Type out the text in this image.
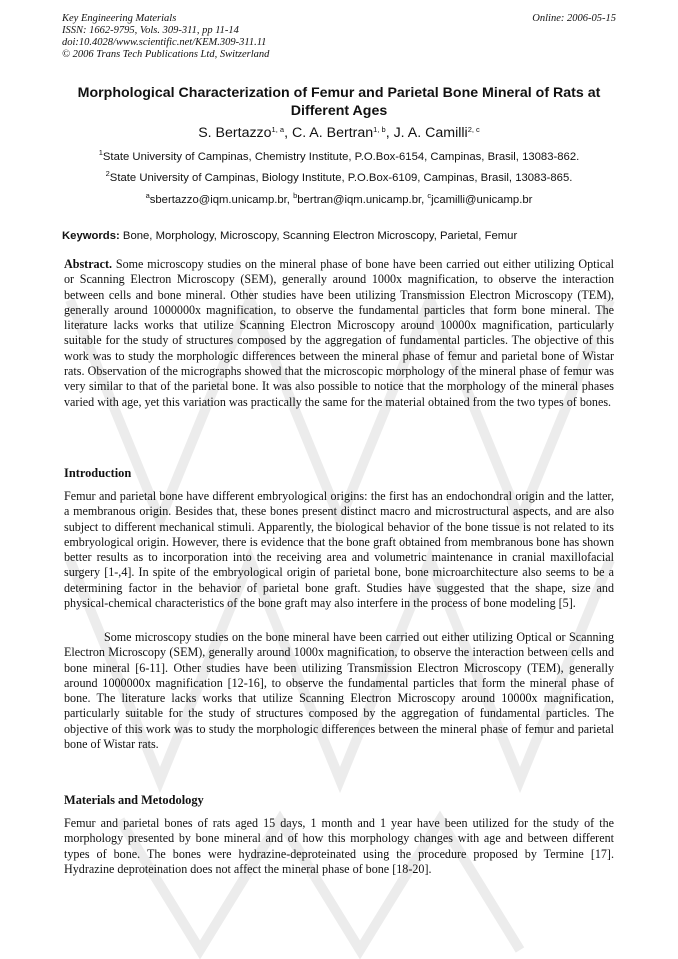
Key Engineering Materials
ISSN: 1662-9795, Vols. 309-311, pp 11-14
doi:10.4028/www.scientific.net/KEM.309-311.11
© 2006 Trans Tech Publications Ltd, Switzerland
Online: 2006-05-15
Morphological Characterization of Femur and Parietal Bone Mineral of Rats at Different Ages
S. Bertazzo$^{1, a}$, C. A. Bertran$^{1, b}$, J. A. Camilli$^{2, c}$
$^1$State University of Campinas, Chemistry Institute, P.O.Box-6154, Campinas, Brasil, 13083-862.
$^2$State University of Campinas, Biology Institute, P.O.Box-6109, Campinas, Brasil, 13083-865.
$^a$sbertazzo@iqm.unicamp.br, $^b$bertran@iqm.unicamp.br, $^c$jcamilli@unicamp.br
Keywords: Bone, Morphology, Microscopy, Scanning Electron Microscopy, Parietal, Femur

Abstract. Some microscopy studies on the mineral phase of bone have been carried out either utilizing Optical or Scanning Electron Microscopy (SEM), generally around 1000x magnification, to observe the interaction between cells and bone mineral. Other studies have been utilizing Transmission Electron Microscopy (TEM), generally around 1000000x magnification, to observe the fundamental particles that form bone mineral. The literature lacks works that utilize Scanning Electron Microscopy around 10000x magnification, particularly suitable for the study of structures composed by the aggregation of fundamental particles. The objective of this work was to study the morphologic differences between the mineral phase of femur and parietal bone of Wistar rats. Observation of the micrographs showed that the microscopic morphology of the mineral phase of femur was very similar to that of the parietal bone. It was also possible to notice that the morphology of the mineral phases varied with age, yet this variation was practically the same for the material obtained from the two types of bones.

Introduction

Femur and parietal bone have different embryological origins: the first has an endochondral origin and the latter, a membranous origin. Besides that, these bones present distinct macro and microstructural aspects, and are also subject to different mechanical stimuli. Apparently, the biological behavior of the bone tissue is not related to its embryological origin. However, there is evidence that the bone graft obtained from membranous bone has shown better results as to incorporation into the receiving area and volumetric maintenance in cranial maxillofacial surgery [1-,4]. In spite of the embryological origin of parietal bone, bone microarchitecture also seems to be a determining factor in the behavior of parietal bone graft. Studies have suggested that the shape, size and physical-chemical characteristics of the bone graft may also interfere in the process of bone modeling [5].

Some microscopy studies on the bone mineral have been carried out either utilizing Optical or Scanning Electron Microscopy (SEM), generally around 1000x magnification, to observe the interaction between cells and bone mineral [6-11]. Other studies have been utilizing Transmission Electron Microscopy (TEM), generally around 1000000x magnification [12-16], to observe the fundamental particles that form the mineral phase of bone. The literature lacks works that utilize Scanning Electron Microscopy around 10000x magnification, particularly suitable for the study of structures composed by the aggregation of fundamental particles. The objective of this work was to study the morphologic differences between the mineral phase of femur and parietal bone of Wistar rats.

Materials and Metodology

Femur and parietal bones of rats aged 15 days, 1 month and 1 year have been utilized for the study of the morphology presented by bone mineral and of how this morphology changes with age and between different types of bone. The bones were hydrazine-deproteinated using the procedure proposed by Termine [17]. Hydrazine deproteination does not affect the mineral phase of bone [18-20].
